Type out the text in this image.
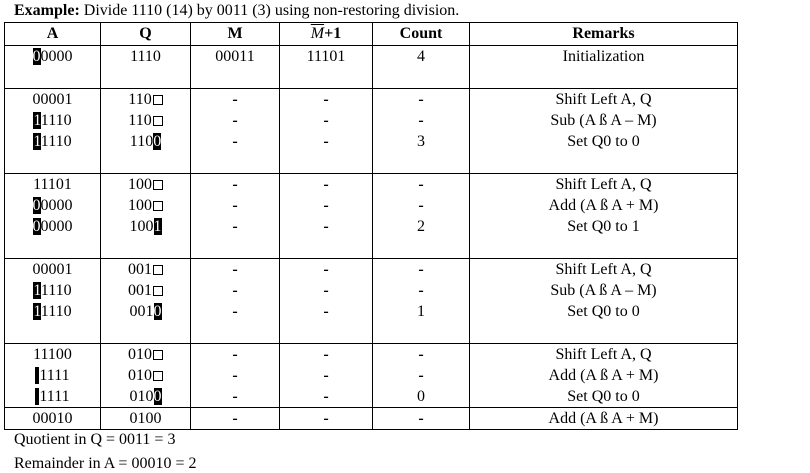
Example: Divide 1110 (14) by 0011 (3) using non-restoring division.
A	Q	M	$\overline{M}+1$	Count	Remarks
00000	1110	00011	11101	4	Initialization

00001	110	-	-	-	Shift Left A, Q
11110	110	-	-	-	Sub (A ß A – M)
11110	1100	-	-	3	Set Q0 to 0

11101	100	-	-	-	Shift Left A, Q
00000	100	-	-	-	Add (A ß A + M)
00000	1001	-	-	2	Set Q0 to 1

00001	001	-	-	-	Shift Left A, Q
11110	001	-	-	-	Sub (A ß A – M)
11110	0010	-	-	1	Set Q0 to 0

11100	010	-	-	-	Shift Left A, Q
1111	010	-	-	-	Add (A ß A + M)
1111	0100	-	-	0	Set Q0 to 0
00010	0100	-	-	-	Add (A ß A + M)
Quotient in Q = 0011 = 3
Remainder in A = 00010 = 2
